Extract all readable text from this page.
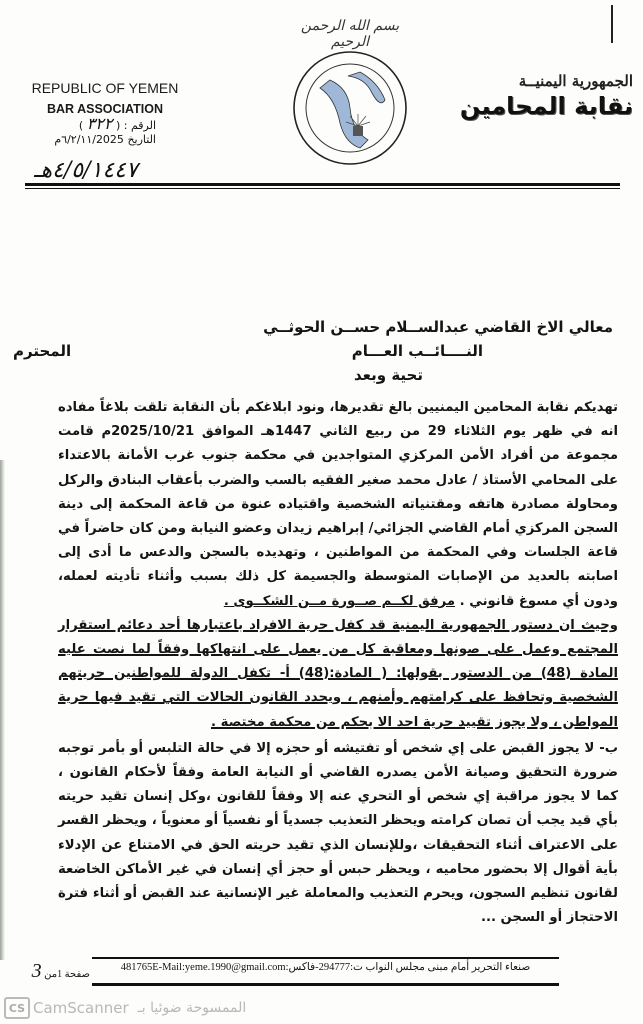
بسم الله الرحمن الرحيم
الجمهورية اليمنيــة
نقابة المحامين
REPUBLIC OF YEMEN
BAR ASSOCIATION
الرقم : ( ٣٢٢ )
التاريخ ٦/٢/١١/2025م
٤/٥/١٤٤٧هـ
معالي الاخ القاضي عبدالســلام حســن الحوثــي
المحترم	النــــائــب العـــام
تحية وبعد

تهديكم نقابة المحامين اليمنيين بالغ تقديرها، ونود ابلاغكم بأن النقابة تلقت بلاغاً مفاده انه في ظهر يوم الثلاثاء 29 من ربيع الثاني 1447هـ الموافق 2025/10/21م قامت مجموعة من أفراد الأمن المركزي المتواجدين في محكمة جنوب غرب الأمانة بالاعتداء على المحامي الأستاذ / عادل محمد صغير الفقيه بالسب والضرب بأعقاب البنادق والركل ومحاولة مصادرة هاتفه ومقتنياته الشخصية واقتياده عنوة من قاعة المحكمة إلى دينة السجن المركزي أمام القاضي الجزائي/ إبراهيم زيدان وعضو النيابة ومن كان حاضراً في قاعة الجلسات وفي المحكمة من المواطنين ، وتهديده بالسجن والدعس ما أدى إلى اصابته بالعديد من الإصابات المتوسطة والجسيمة كل ذلك بسبب وأثناء تأديته لعمله، ودون أي مسوغ قانوني . مرفق لكــم صــورة مــن الشكــوى .

وحيث ان دستور الجمهورية اليمنية قد كفل حرية الافراد باعتبارها أحد دعائم استقرار المجتمع وعمل على صونها ومعاقبة كل من يعمل على انتهاكها وفقاً لما نصت عليه المادة (48) من الدستور بقولها: ( المادة:(48) أ- تكفل الدولة للمواطنين حريتهم الشخصية وتحافظ على كرامتهم وأمنهم ، ويحدد القانون الحالات التي تقيد فيها حرية المواطن ، ولا يجوز تقييد حرية احد الا بحكم من محكمة مختصة .

ب- لا يجوز القبض على إي شخص أو تفتيشه أو حجزه إلا في حالة التلبس أو بأمر توجبه ضرورة التحقيق وصيانة الأمن يصدره القاضي أو النيابة العامة وفقاً لأحكام القانون ، كما لا يجوز مراقبة إي شخص أو التحري عنه إلا وفقاً للقانون ،وكل إنسان تقيد حريته بأي قيد يجب أن تصان كرامته ويحظر التعذيب جسدياً أو نفسياً أو معنوياً ، ويحظر القسر على الاعتراف أثناء التحقيقات ،وللإنسان الذي تقيد حريته الحق في الامتناع عن الإدلاء بأية أقوال إلا بحضور محاميه ، ويحظر حبس أو حجز أي إنسان في غير الأماكن الخاضعة لقانون تنظيم السجون، ويحرم التعذيب والمعاملة غير الإنسانية عند القبض أو أثناء فترة الاحتجاز أو السجن ...

صنعاء التحرير أمام مبنى مجلس النواب ت:294777-فاكس:481765E-Mail:yeme.1990@gmail.com
صفحة 1من 3
CS CamScanner الممسوحة ضوئيا بـ
